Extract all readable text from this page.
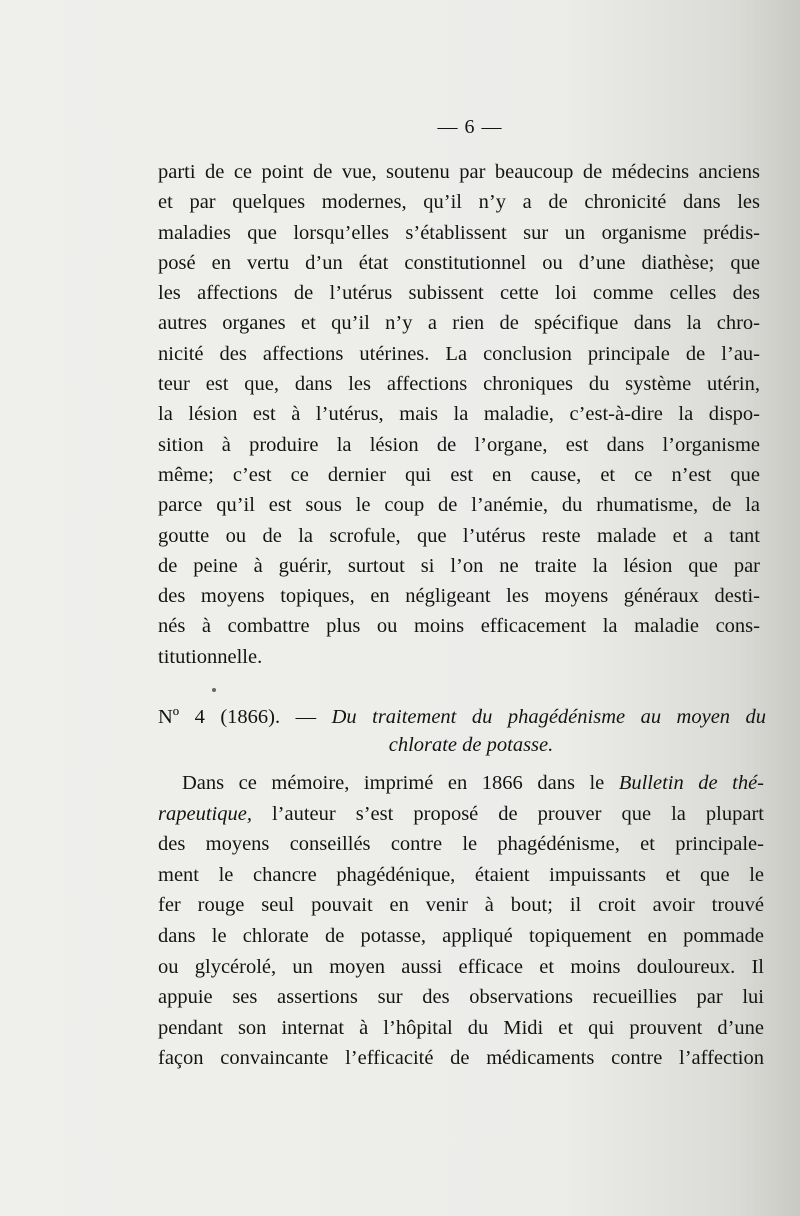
— 6 —
parti de ce point de vue, soutenu par beaucoup de médecins anciens
et par quelques modernes, qu’il n’y a de chronicité dans les
maladies que lorsqu’elles s’établissent sur un organisme prédis-
posé en vertu d’un état constitutionnel ou d’une diathèse; que
les affections de l’utérus subissent cette loi comme celles des
autres organes et qu’il n’y a rien de spécifique dans la chro-
nicité des affections utérines. La conclusion principale de l’au-
teur est que, dans les affections chroniques du système utérin,
la lésion est à l’utérus, mais la maladie, c’est-à-dire la dispo-
sition à produire la lésion de l’organe, est dans l’organisme
même; c’est ce dernier qui est en cause, et ce n’est que
parce qu’il est sous le coup de l’anémie, du rhumatisme, de la
goutte ou de la scrofule, que l’utérus reste malade et a tant
de peine à guérir, surtout si l’on ne traite la lésion que par
des moyens topiques, en négligeant les moyens généraux desti-
nés à combattre plus ou moins efficacement la maladie cons-
titutionnelle.
Nº 4 (1866). — Du traitement du phagédénisme au moyen du
chlorate de potasse.
Dans ce mémoire, imprimé en 1866 dans le Bulletin de thé-
rapeutique, l’auteur s’est proposé de prouver que la plupart
des moyens conseillés contre le phagédénisme, et principale-
ment le chancre phagédénique, étaient impuissants et que le
fer rouge seul pouvait en venir à bout; il croit avoir trouvé
dans le chlorate de potasse, appliqué topiquement en pommade
ou glycérolé, un moyen aussi efficace et moins douloureux. Il
appuie ses assertions sur des observations recueillies par lui
pendant son internat à l’hôpital du Midi et qui prouvent d’une
façon convaincante l’efficacité de médicaments contre l’affection
